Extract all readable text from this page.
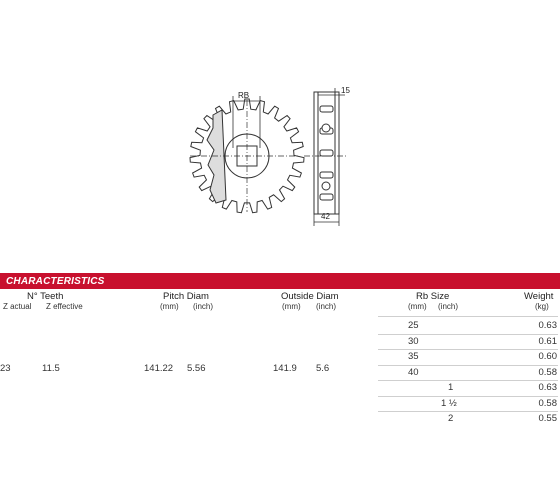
RB
15
42
CHARACTERISTICS
N° Teeth
Z actual Z effective
Pitch Diam
(mm) (inch)
Outside Diam
(mm) (inch)
Rb Size
(mm) (inch)
Weight
(kg)
23	11.5	141.22 5.56	141.9 5.6
25	0.63
30	0.61
35	0.60
40	0.58
1	0.63
1 ½	0.58
2	0.55
